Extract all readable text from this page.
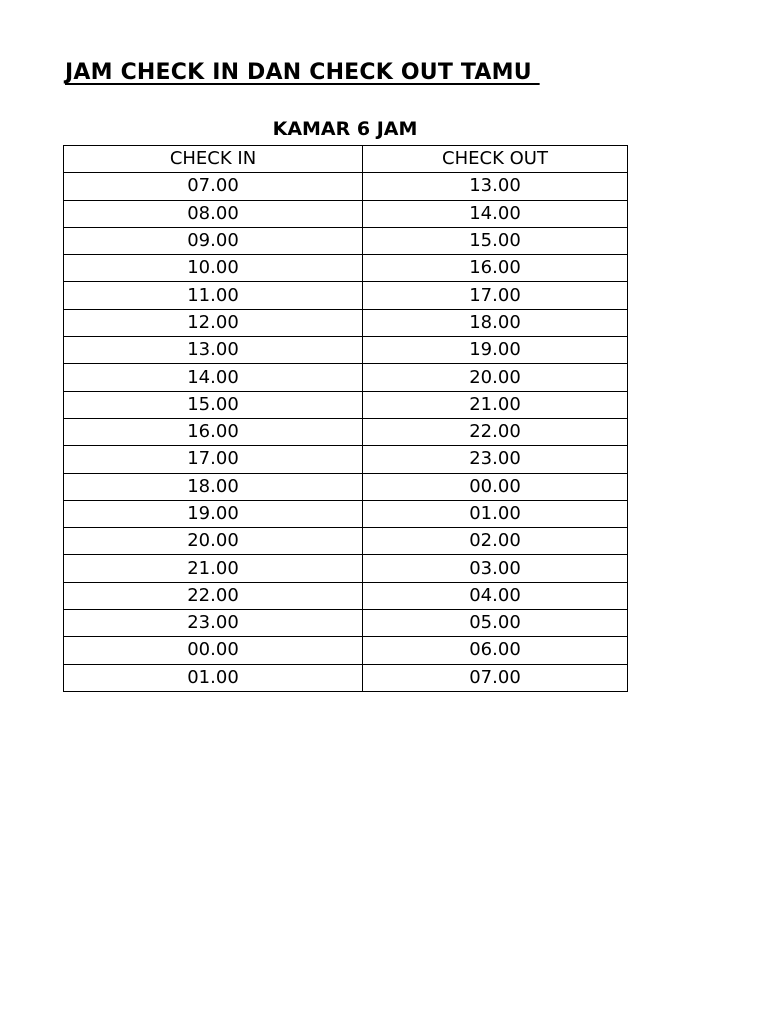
JAM CHECK IN DAN CHECK OUT TAMU
KAMAR 6 JAM
CHECK IN	CHECK OUT
07.00	13.00
08.00	14.00
09.00	15.00
10.00	16.00
11.00	17.00
12.00	18.00
13.00	19.00
14.00	20.00
15.00	21.00
16.00	22.00
17.00	23.00
18.00	00.00
19.00	01.00
20.00	02.00
21.00	03.00
22.00	04.00
23.00	05.00
00.00	06.00
01.00	07.00
